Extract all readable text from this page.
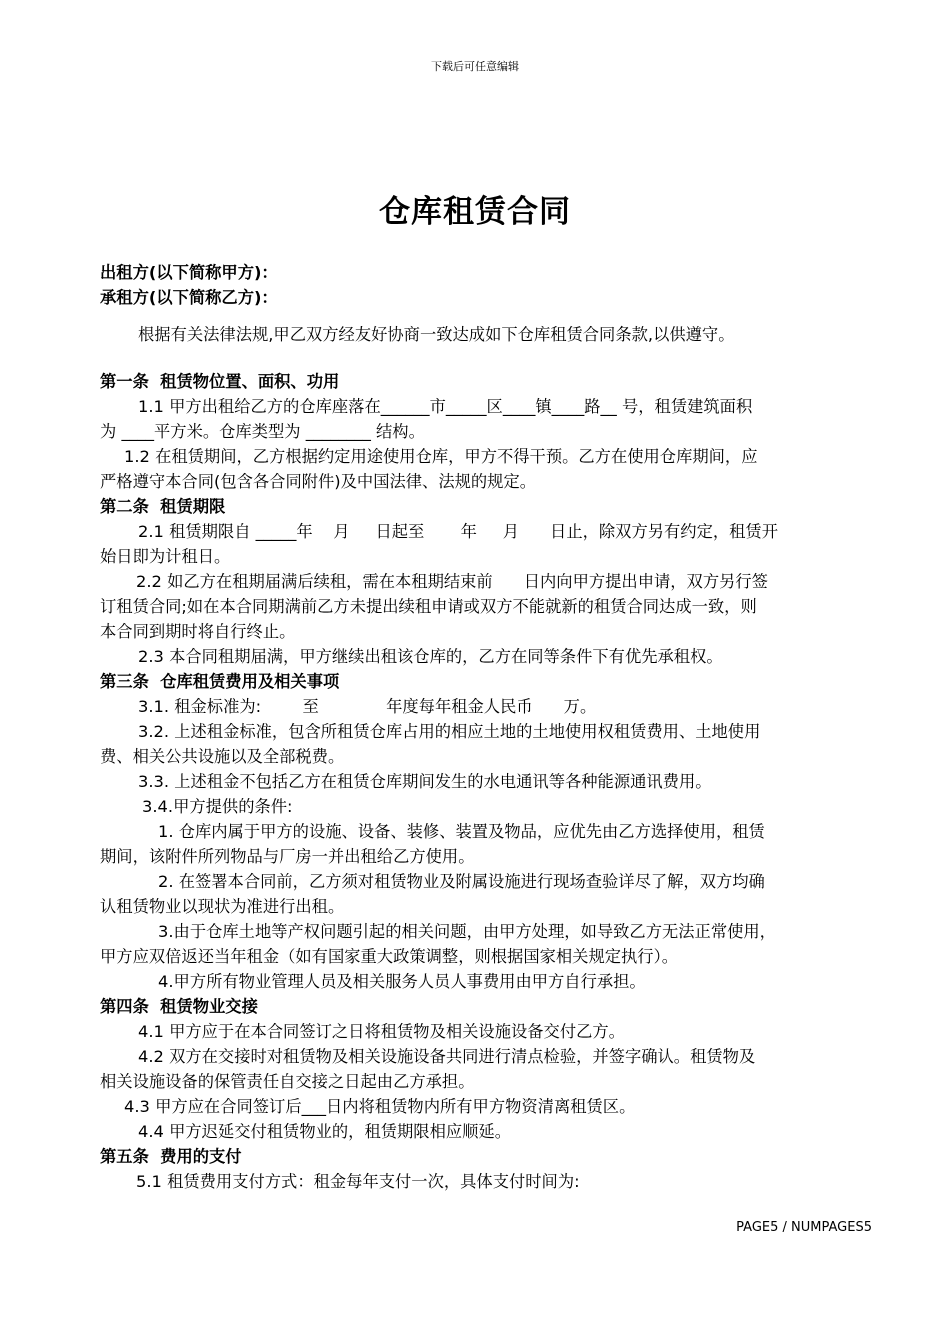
下载后可任意编辑
仓库租赁合同
出租方(以下简称甲方)：
承租方(以下简称乙方)：
根据有关法律法规,甲乙双方经友好协商一致达成如下仓库租赁合同条款,以供遵守。
第一条  租赁物位置、面积、功用
1.1 甲方出租给乙方的仓库座落在______市_____区____镇____路__ 号，租赁建筑面积
为 ____平方米。仓库类型为 ________ 结构。
1.2 在租赁期间，乙方根据约定用途使用仓库，甲方不得干预。乙方在使用仓库期间，应
严格遵守本合同(包含各合同附件)及中国法律、法规的规定。
第二条  租赁期限
2.1 租赁期限自 _____年    月     日起至       年     月      日止，除双方另有约定，租赁开
始日即为计租日。
2.2 如乙方在租期届满后续租，需在本租期结束前      日内向甲方提出申请，双方另行签
订租赁合同;如在本合同期满前乙方未提出续租申请或双方不能就新的租赁合同达成一致，则
本合同到期时将自行终止。
2.3 本合同租期届满，甲方继续出租该仓库的，乙方在同等条件下有优先承租权。
第三条  仓库租赁费用及相关事项
3.1. 租金标准为:        至             年度每年租金人民币      万。
3.2. 上述租金标准，包含所租赁仓库占用的相应土地的土地使用权租赁费用、土地使用
费、相关公共设施以及全部税费。
3.3. 上述租金不包括乙方在租赁仓库期间发生的水电通讯等各种能源通讯费用。
3.4.甲方提供的条件:
1. 仓库内属于甲方的设施、设备、装修、装置及物品，应优先由乙方选择使用，租赁
期间，该附件所列物品与厂房一并出租给乙方使用。
2. 在签署本合同前，乙方须对租赁物业及附属设施进行现场查验详尽了解，双方均确
认租赁物业以现状为准进行出租。
3.由于仓库土地等产权问题引起的相关问题，由甲方处理，如导致乙方无法正常使用，
甲方应双倍返还当年租金（如有国家重大政策调整，则根据国家相关规定执行）。
4.甲方所有物业管理人员及相关服务人员人事费用由甲方自行承担。
第四条  租赁物业交接
4.1 甲方应于在本合同签订之日将租赁物及相关设施设备交付乙方。
4.2 双方在交接时对租赁物及相关设施设备共同进行清点检验，并签字确认。租赁物及
相关设施设备的保管责任自交接之日起由乙方承担。
4.3 甲方应在合同签订后___日内将租赁物内所有甲方物资清离租赁区。
4.4 甲方迟延交付租赁物业的，租赁期限相应顺延。
第五条  费用的支付
5.1 租赁费用支付方式：租金每年支付一次，具体支付时间为:
PAGE5 / NUMPAGES5
